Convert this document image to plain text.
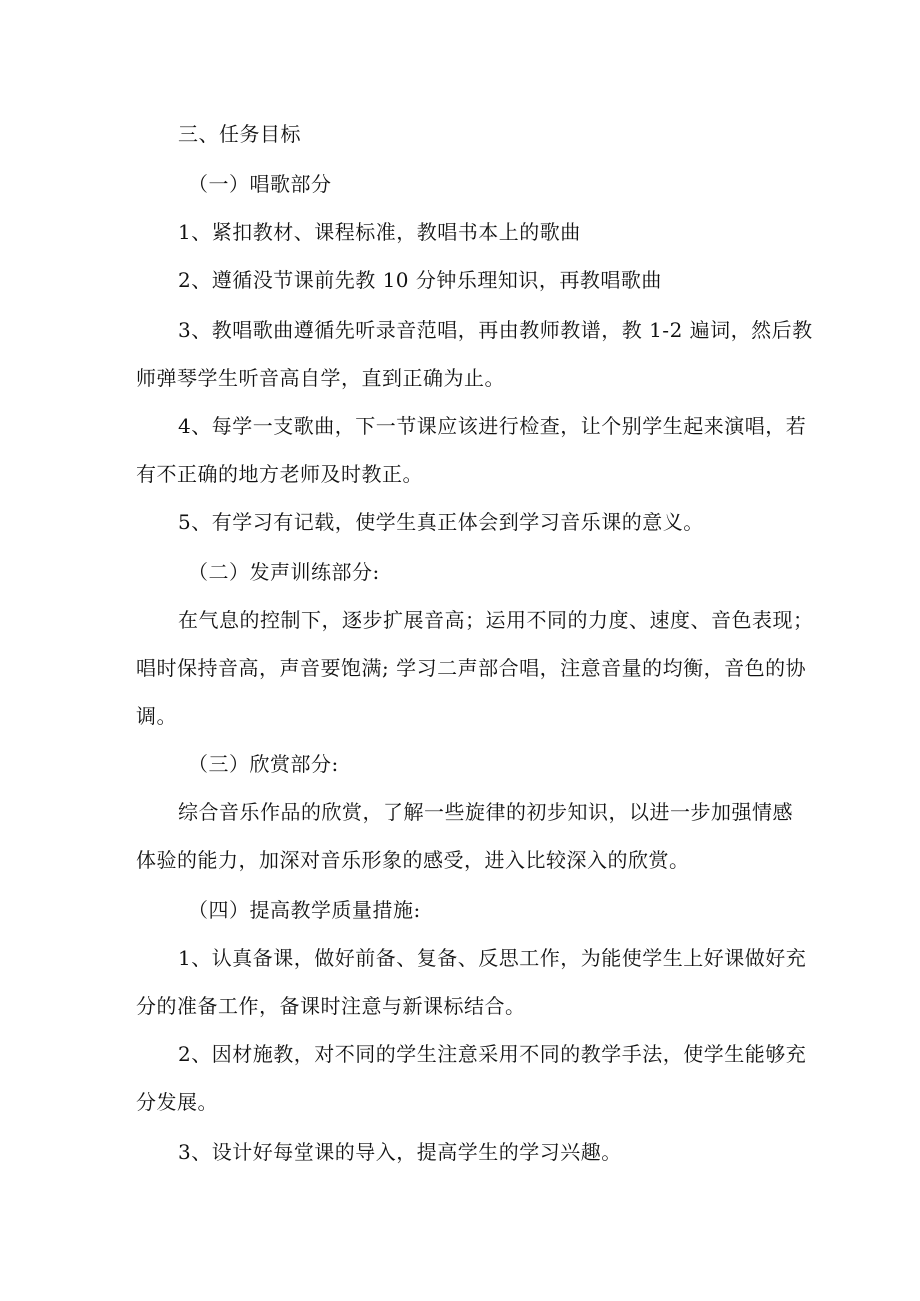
三、任务目标
（一）唱歌部分
1、紧扣教材、课程标准，教唱书本上的歌曲
2、遵循没节课前先教 10 分钟乐理知识，再教唱歌曲
3、教唱歌曲遵循先听录音范唱，再由教师教谱，教 1-2 遍词，然后教
师弹琴学生听音高自学，直到正确为止。
4、每学一支歌曲，下一节课应该进行检查，让个别学生起来演唱，若
有不正确的地方老师及时教正。
5、有学习有记载，使学生真正体会到学习音乐课的意义。
（二）发声训练部分:
在气息的控制下，逐步扩展音高；运用不同的力度、速度、音色表现；
唱时保持音高，声音要饱满; 学习二声部合唱，注意音量的均衡，音色的协
调。
（三）欣赏部分:
综合音乐作品的欣赏，了解一些旋律的初步知识，以进一步加强情感
体验的能力，加深对音乐形象的感受，进入比较深入的欣赏。
（四）提高教学质量措施:
1、认真备课，做好前备、复备、反思工作，为能使学生上好课做好充
分的准备工作，备课时注意与新课标结合。
2、因材施教，对不同的学生注意采用不同的教学手法，使学生能够充
分发展。
3、设计好每堂课的导入，提高学生的学习兴趣。
